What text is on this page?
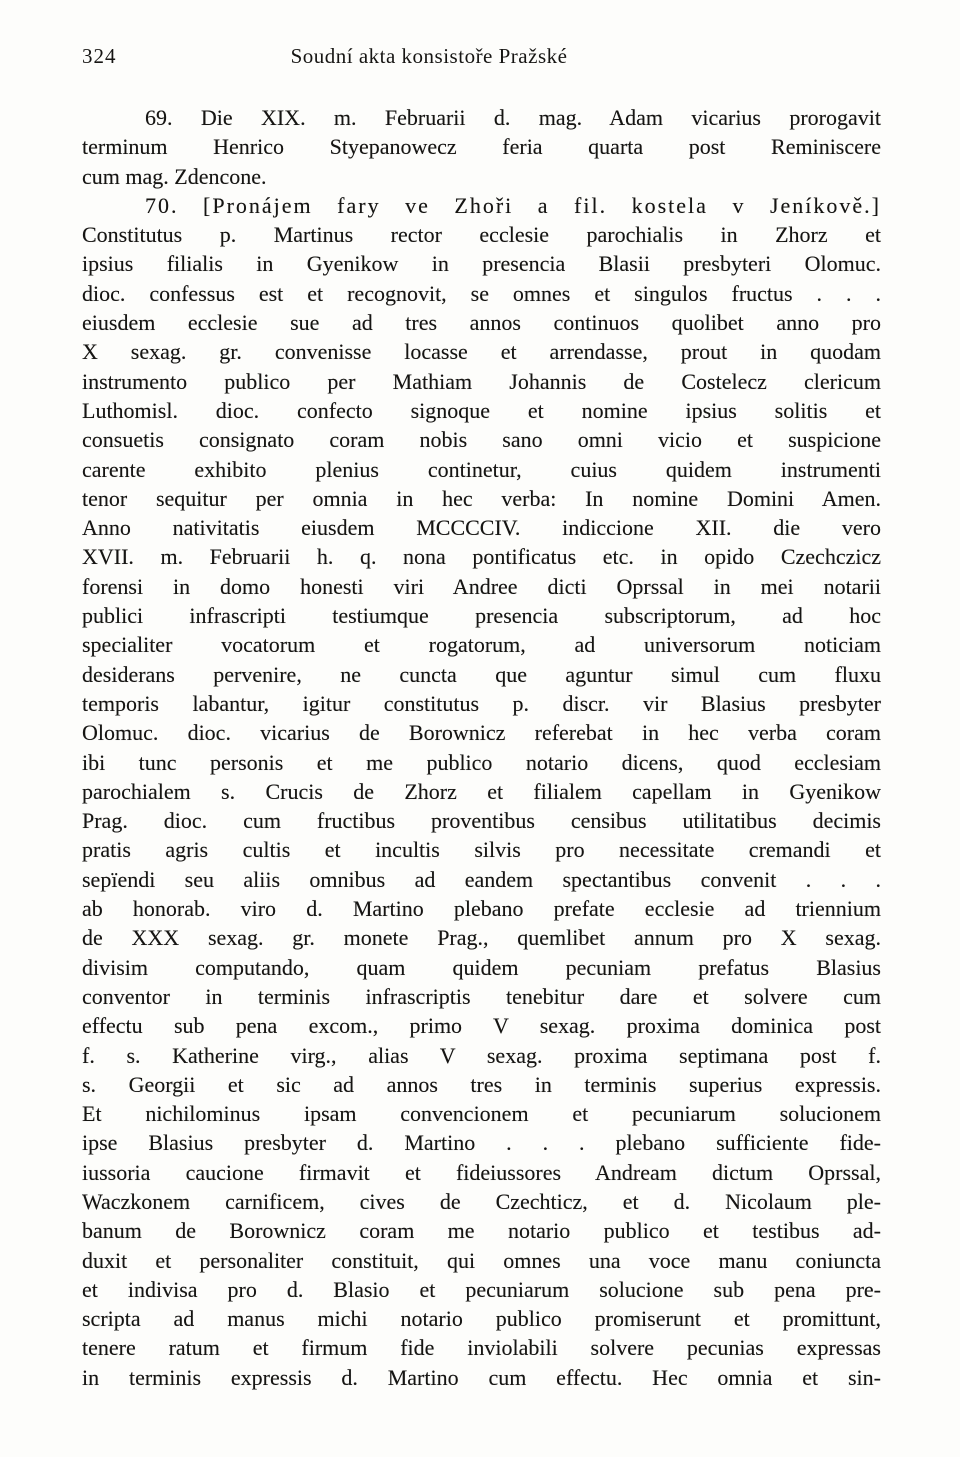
324	Soudní akta konsistoře Pražské
69. Die XIX. m. Februarii d. mag. Adam vicarius prorogavit
terminum Henrico Styepanowecz feria quarta post Reminiscere
cum mag. Zdencone.
70. [Pronájem fary ve Zhoři a fil. kostela v Jeníkově.]
Constitutus p. Martinus rector ecclesie parochialis in Zhorz et
ipsius filialis in Gyenikow in presencia Blasii presbyteri Olomuc.
dioc. confessus est et recognovit, se omnes et singulos fructus . . .
eiusdem ecclesie sue ad tres annos continuos quolibet anno pro
X sexag. gr. convenisse locasse et arrendasse, prout in quodam
instrumento publico per Mathiam Johannis de Costelecz clericum
Luthomisl. dioc. confecto signoque et nomine ipsius solitis et
consuetis consignato coram nobis sano omni vicio et suspicione
carente exhibito plenius continetur, cuius quidem instrumenti
tenor sequitur per omnia in hec verba: In nomine Domini Amen.
Anno nativitatis eiusdem MCCCCIV. indiccione XII. die vero
XVII. m. Februarii h. q. nona pontificatus etc. in opido Czechczicz
forensi in domo honesti viri Andree dicti Oprssal in mei notarii
publici infrascripti testiumque presencia subscriptorum, ad hoc
specialiter vocatorum et rogatorum, ad universorum noticiam
desiderans pervenire, ne cuncta que aguntur simul cum fluxu
temporis labantur, igitur constitutus p. discr. vir Blasius presbyter
Olomuc. dioc. vicarius de Borownicz referebat in hec verba coram
ibi tunc personis et me publico notario dicens, quod ecclesiam
parochialem s. Crucis de Zhorz et filialem capellam in Gyenikow
Prag. dioc. cum fructibus proventibus censibus utilitatibus decimis
pratis agris cultis et incultis silvis pro necessitate cremandi et
sepïendi seu aliis omnibus ad eandem spectantibus convenit . . .
ab honorab. viro d. Martino plebano prefate ecclesie ad triennium
de XXX sexag. gr. monete Prag., quemlibet annum pro X sexag.
divisim computando, quam quidem pecuniam prefatus Blasius
conventor in terminis infrascriptis tenebitur dare et solvere cum
effectu sub pena excom., primo V sexag. proxima dominica post
f. s. Katherine virg., alias V sexag. proxima septimana post f.
s. Georgii et sic ad annos tres in terminis superius expressis.
Et nichilominus ipsam convencionem et pecuniarum solucionem
ipse Blasius presbyter d. Martino . . . plebano sufficiente fide-
iussoria caucione firmavit et fideiussores Andream dictum Oprssal,
Waczkonem carnificem, cives de Czechticz, et d. Nicolaum ple-
banum de Borownicz coram me notario publico et testibus ad-
duxit et personaliter constituit, qui omnes una voce manu coniuncta
et indivisa pro d. Blasio et pecuniarum solucione sub pena pre-
scripta ad manus michi notario publico promiserunt et promittunt,
tenere ratum et firmum fide inviolabili solvere pecunias expressas
in terminis expressis d. Martino cum effectu. Hec omnia et sin-
